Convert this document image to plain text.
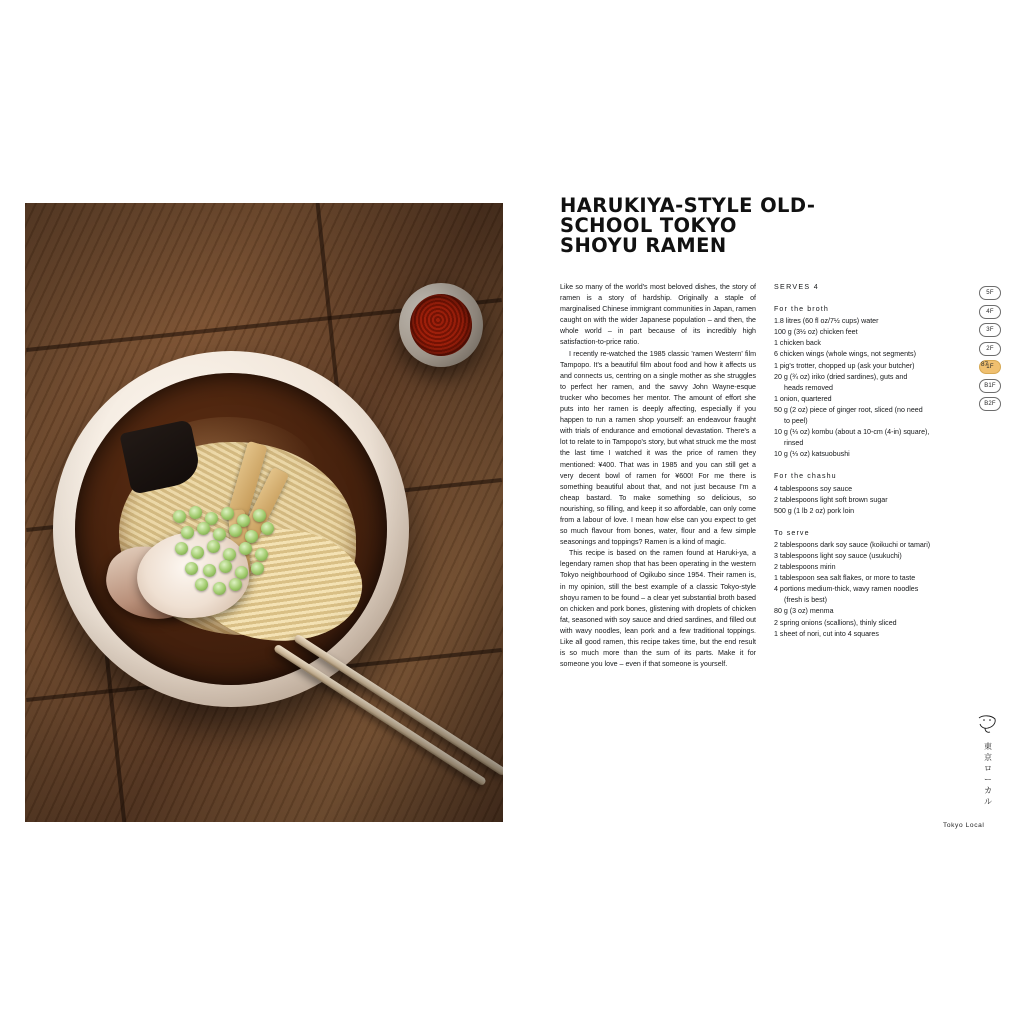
HARUKIYA-STYLE OLD-SCHOOL TOKYO SHOYU RAMEN

Like so many of the world's most beloved dishes, the story of ramen is a story of hardship. Originally a staple of marginalised Chinese immigrant communities in Japan, ramen caught on with the wider Japanese population – and then, the whole world – in part because of its incredibly high satisfaction-to-price ratio.

I recently re-watched the 1985 classic 'ramen Western' film Tampopo. It's a beautiful film about food and how it affects us and connects us, centring on a single mother as she struggles to perfect her ramen, and the savvy John Wayne-esque trucker who becomes her mentor. The amount of effort she puts into her ramen is deeply affecting, especially if you happen to run a ramen shop yourself: an endeavour fraught with trials of endurance and emotional devastation. There's a lot to relate to in Tampopo's story, but what struck me the most the last time I watched it was the price of ramen they mentioned: ¥400. That was in 1985 and you can still get a very decent bowl of ramen for ¥600! For me there is something beautiful about that, and not just because I'm a cheap bastard. To make something so delicious, so nourishing, so filling, and keep it so affordable, can only come from a labour of love. I mean how else can you expect to get so much flavour from bones, water, flour and a few simple seasonings and toppings? Ramen is a kind of magic.

This recipe is based on the ramen found at Haruki-ya, a legendary ramen shop that has been operating in the western Tokyo neighbourhood of Ogikubo since 1954. Their ramen is, in my opinion, still the best example of a classic Tokyo-style shoyu ramen to be found – a clear yet substantial broth based on chicken and pork bones, glistening with droplets of chicken fat, seasoned with soy sauce and dried sardines, and filled out with wavy noodles, lean pork and a few traditional toppings. Like all good ramen, this recipe takes time, but the end result is so much more than the sum of its parts. Make it for someone you love – even if that someone is yourself.

SERVES 4
For the broth
1.8 litres (60 fl oz/7½ cups) water
100 g (3½ oz) chicken feet
1 chicken back
6 chicken wings (whole wings, not segments)
1 pig's trotter, chopped up (ask your butcher)
20 g (¾ oz) iriko (dried sardines), guts and
heads removed
1 onion, quartered
50 g (2 oz) piece of ginger root, sliced (no need
to peel)
10 g (⅓ oz) kombu (about a 10-cm (4-in) square),
rinsed
10 g (⅓ oz) katsuobushi
For the chashu
4 tablespoons soy sauce
2 tablespoons light soft brown sugar
500 g (1 lb 2 oz) pork loin
To serve
2 tablespoons dark soy sauce (koikuchi or tamari)
3 tablespoons light soy sauce (usukuchi)
2 tablespoons mirin
1 tablespoon sea salt flakes, or more to taste
4 portions medium-thick, wavy ramen noodles
(fresh is best)
80 g (3 oz) menma
2 spring onions (scallions), thinly sliced
1 sheet of nori, cut into 4 squares
5F
4F
3F
2F
1F
B1F
B2F
87
東
京
ロ
ー
カ
ル
Tokyo Local
